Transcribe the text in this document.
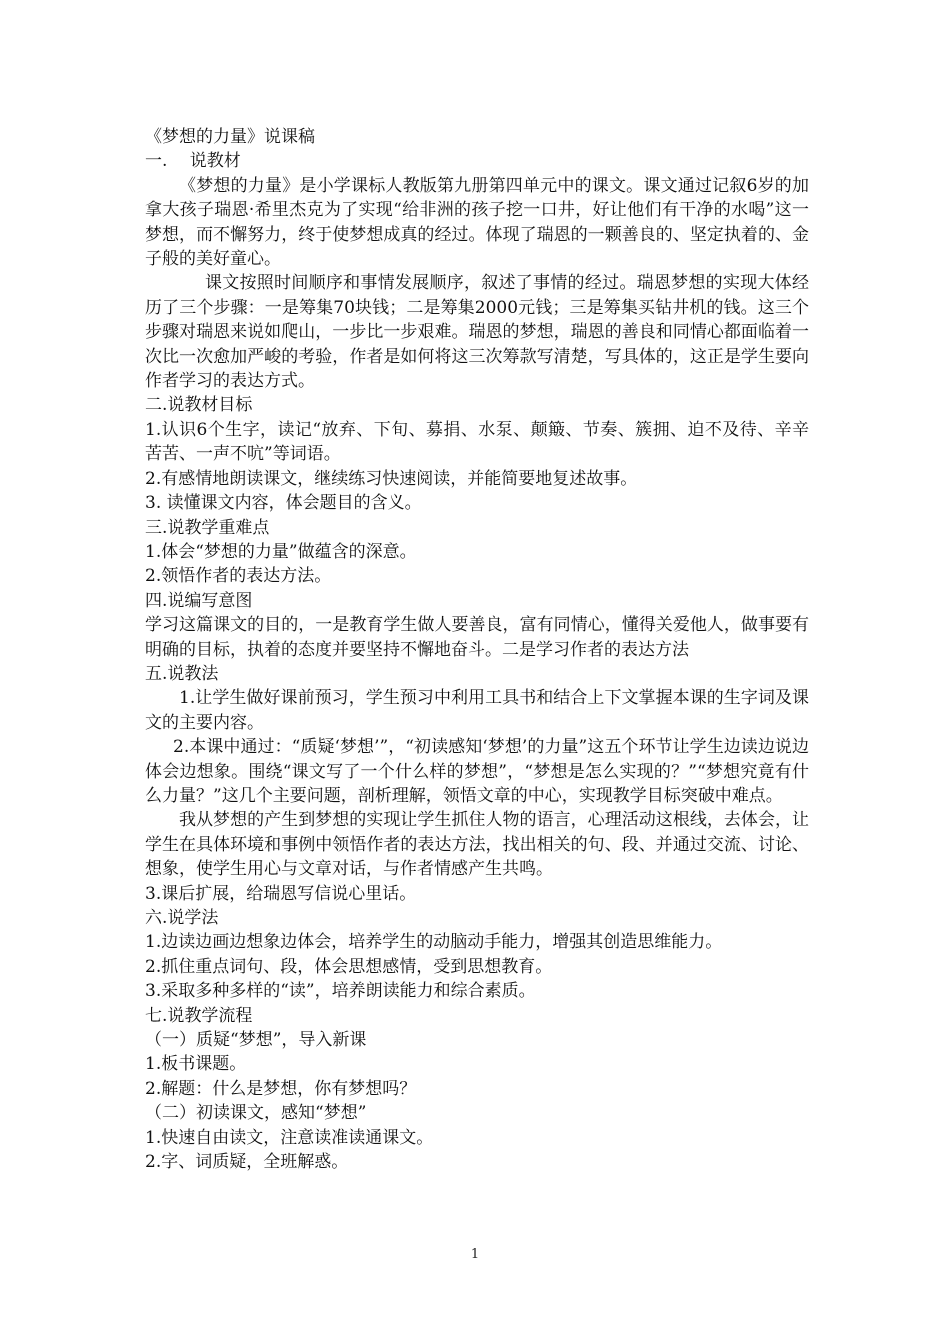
《梦想的力量》说课稿
一.　 说教材
《梦想的力量》是小学课标人教版第九册第四单元中的课文。课文通过记叙6岁的加拿大孩子瑞恩·希里杰克为了实现“给非洲的孩子挖一口井，好让他们有干净的水喝”这一梦想，而不懈努力，终于使梦想成真的经过。体现了瑞恩的一颗善良的、坚定执着的、金子般的美好童心。
课文按照时间顺序和事情发展顺序，叙述了事情的经过。瑞恩梦想的实现大体经历了三个步骤：一是筹集70块钱；二是筹集2000元钱；三是筹集买钻井机的钱。这三个步骤对瑞恩来说如爬山，一步比一步艰难。瑞恩的梦想，瑞恩的善良和同情心都面临着一次比一次愈加严峻的考验，作者是如何将这三次筹款写清楚，写具体的，这正是学生要向作者学习的表达方式。
二.说教材目标
1.认识6个生字，读记“放弃、下旬、募捐、水泵、颠簸、节奏、簇拥、迫不及待、辛辛苦苦、一声不吭”等词语。
2.有感情地朗读课文，继续练习快速阅读，并能简要地复述故事。
3. 读懂课文内容，体会题目的含义。
三.说教学重难点
1.体会“梦想的力量”做蕴含的深意。
2.领悟作者的表达方法。
四.说编写意图
学习这篇课文的目的，一是教育学生做人要善良，富有同情心，懂得关爱他人，做事要有明确的目标，执着的态度并要坚持不懈地奋斗。二是学习作者的表达方法
五.说教法
1.让学生做好课前预习，学生预习中利用工具书和结合上下文掌握本课的生字词及课文的主要内容。
2.本课中通过：“质疑‘梦想’”，“初读感知‘梦想’的力量”这五个环节让学生边读边说边体会边想象。围绕“课文写了一个什么样的梦想”，“梦想是怎么实现的？”“梦想究竟有什么力量？”这几个主要问题，剖析理解，领悟文章的中心，实现教学目标突破中难点。
我从梦想的产生到梦想的实现让学生抓住人物的语言，心理活动这根线，去体会，让学生在具体环境和事例中领悟作者的表达方法，找出相关的句、段、并通过交流、讨论、想象，使学生用心与文章对话，与作者情感产生共鸣。
3.课后扩展，给瑞恩写信说心里话。
六.说学法
1.边读边画边想象边体会，培养学生的动脑动手能力，增强其创造思维能力。
2.抓住重点词句、段，体会思想感情，受到思想教育。
3.采取多种多样的“读”，培养朗读能力和综合素质。
七.说教学流程
（一）质疑“梦想”，导入新课
1.板书课题。
2.解题：什么是梦想，你有梦想吗？
（二）初读课文，感知“梦想”
1.快速自由读文，注意读准读通课文。
2.字、词质疑，全班解惑。
1
